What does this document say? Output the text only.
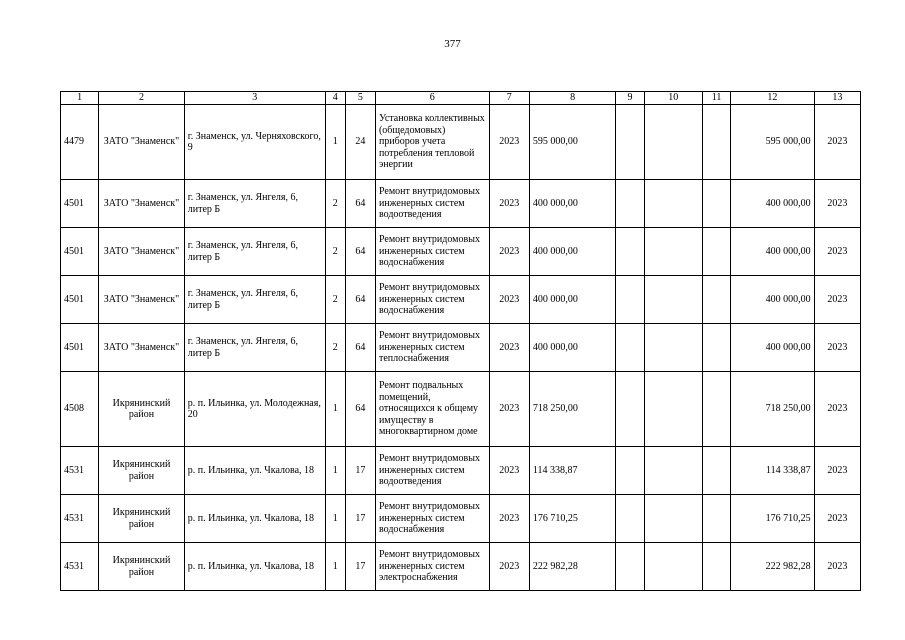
377
1	2	3	4	5	6	7	8	9	10	11	12	13
4479	ЗАТО "Знаменск"	г. Знаменск, ул. Черняховского, 9	1	24	Установка коллективных (общедомовых) приборов учета потребления тепловой энергии	2023	595 000,00				595 000,00	2023
4501	ЗАТО "Знаменск"	г. Знаменск, ул. Янгеля, 6, литер Б	2	64	Ремонт внутридомовых инженерных систем водоотведения	2023	400 000,00				400 000,00	2023
4501	ЗАТО "Знаменск"	г. Знаменск, ул. Янгеля, 6, литер Б	2	64	Ремонт внутридомовых инженерных систем водоснабжения	2023	400 000,00				400 000,00	2023
4501	ЗАТО "Знаменск"	г. Знаменск, ул. Янгеля, 6, литер Б	2	64	Ремонт внутридомовых инженерных систем водоснабжения	2023	400 000,00				400 000,00	2023
4501	ЗАТО "Знаменск"	г. Знаменск, ул. Янгеля, 6, литер Б	2	64	Ремонт внутридомовых инженерных систем теплоснабжения	2023	400 000,00				400 000,00	2023
4508	Икрянинский район	р. п. Ильинка, ул. Молодежная, 20	1	64	Ремонт подвальных помещений, относящихся к общему имуществу в многоквартирном доме	2023	718 250,00				718 250,00	2023
4531	Икрянинский район	р. п. Ильинка, ул. Чкалова, 18	1	17	Ремонт внутридомовых инженерных систем водоотведения	2023	114 338,87				114 338,87	2023
4531	Икрянинский район	р. п. Ильинка, ул. Чкалова, 18	1	17	Ремонт внутридомовых инженерных систем водоснабжения	2023	176 710,25				176 710,25	2023
4531	Икрянинский район	р. п. Ильинка, ул. Чкалова, 18	1	17	Ремонт внутридомовых инженерных систем электроснабжения	2023	222 982,28				222 982,28	2023
